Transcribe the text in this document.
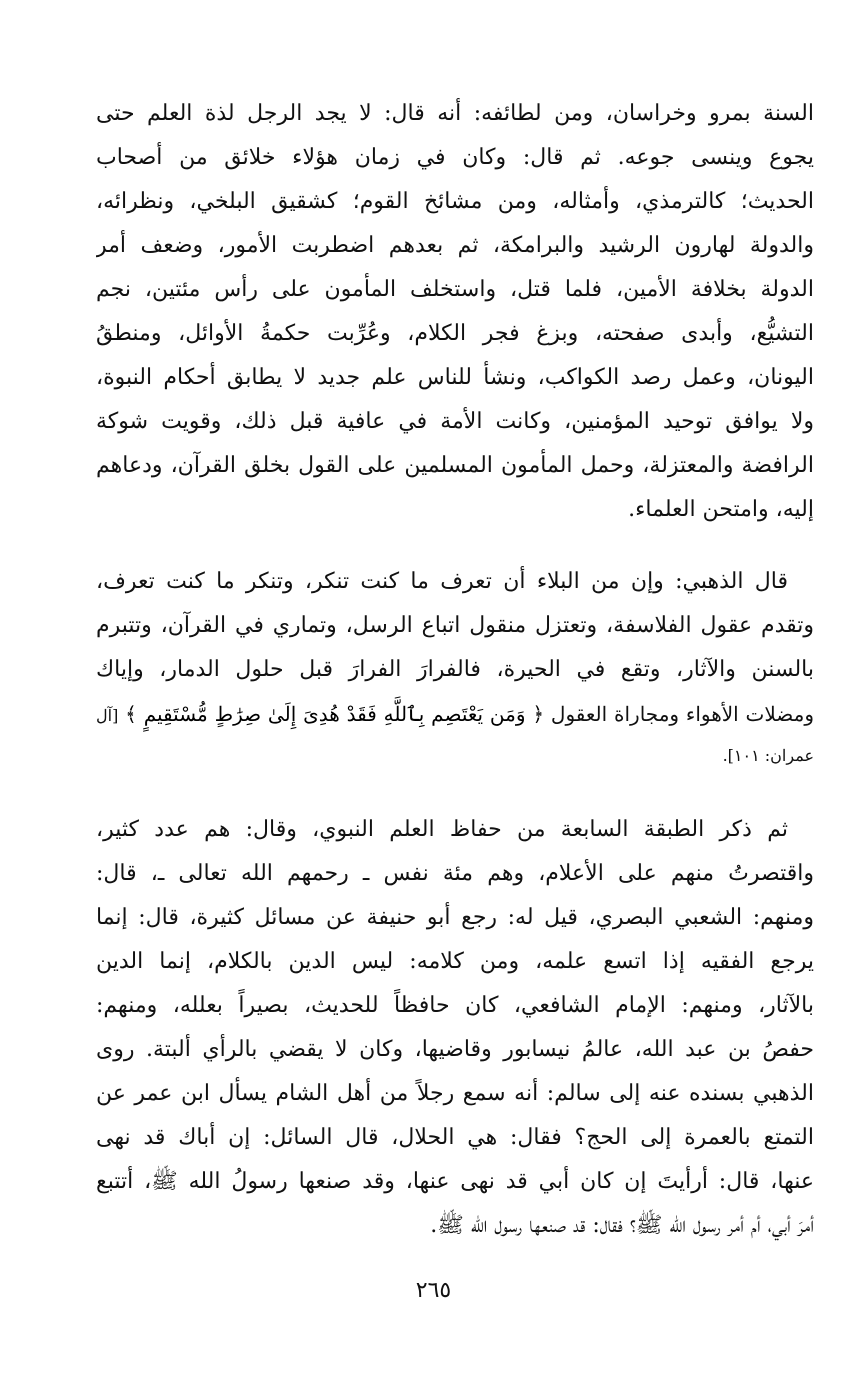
السنة بمرو وخراسان، ومن لطائفه: أنه قال: لا يجد الرجل لذة العلم حتى
يجوع وينسى جوعه. ثم قال: وكان في زمان هؤلاء خلائق من أصحاب
الحديث؛ كالترمذي، وأمثاله، ومن مشائخ القوم؛ كشقيق البلخي، ونظرائه،
والدولة لهارون الرشيد والبرامكة، ثم بعدهم اضطربت الأمور، وضعف أمر
الدولة بخلافة الأمين، فلما قتل، واستخلف المأمون على رأس مئتين، نجم
التشيُّع، وأبدى صفحته، وبزغ فجر الكلام، وعُرِّبت حكمةُ الأوائل، ومنطقُ
اليونان، وعمل رصد الكواكب، ونشأ للناس علم جديد لا يطابق أحكام النبوة،
ولا يوافق توحيد المؤمنين، وكانت الأمة في عافية قبل ذلك، وقويت شوكة
الرافضة والمعتزلة، وحمل المأمون المسلمين على القول بخلق القرآن، ودعاهم
إليه، وامتحن العلماء.
قال الذهبي: وإن من البلاء أن تعرف ما كنت تنكر، وتنكر ما كنت تعرف،
وتقدم عقول الفلاسفة، وتعتزل منقول اتباع الرسل، وتماري في القرآن، وتتبرم
بالسنن والآثار، وتقع في الحيرة، فالفرارَ الفرارَ قبل حلول الدمار، وإياك
ومضلات الأهواء ومجاراة العقول ﴿ وَمَن يَعْتَصِم بِٱللَّهِ فَقَدْ هُدِىَ إِلَىٰ صِرَٰطٍ مُّسْتَقِيمٍ ﴾ [آل
عمران: ١٠١].
ثم ذكر الطبقة السابعة من حفاظ العلم النبوي، وقال: هم عدد كثير،
واقتصرتُ منهم على الأعلام، وهم مئة نفس ـ رحمهم الله تعالى ـ، قال:
ومنهم: الشعبي البصري، قيل له: رجع أبو حنيفة عن مسائل كثيرة، قال: إنما
يرجع الفقيه إذا اتسع علمه، ومن كلامه: ليس الدين بالكلام، إنما الدين
بالآثار، ومنهم: الإمام الشافعي، كان حافظاً للحديث، بصيراً بعلله، ومنهم:
حفصُ بن عبد الله، عالمُ نيسابور وقاضيها، وكان لا يقضي بالرأي ألبتة. روى
الذهبي بسنده عنه إلى سالم: أنه سمع رجلاً من أهل الشام يسأل ابن عمر عن
التمتع بالعمرة إلى الحج؟ فقال: هي الحلال، قال السائل: إن أباك قد نهى
عنها، قال: أرأيتَ إن كان أبي قد نهى عنها، وقد صنعها رسولُ الله ﷺ، أتتبع
أمرَ أبي، أم أمر رسول الله ﷺ؟ فقال: قد صنعها رسول الله ﷺ.
٢٦٥
